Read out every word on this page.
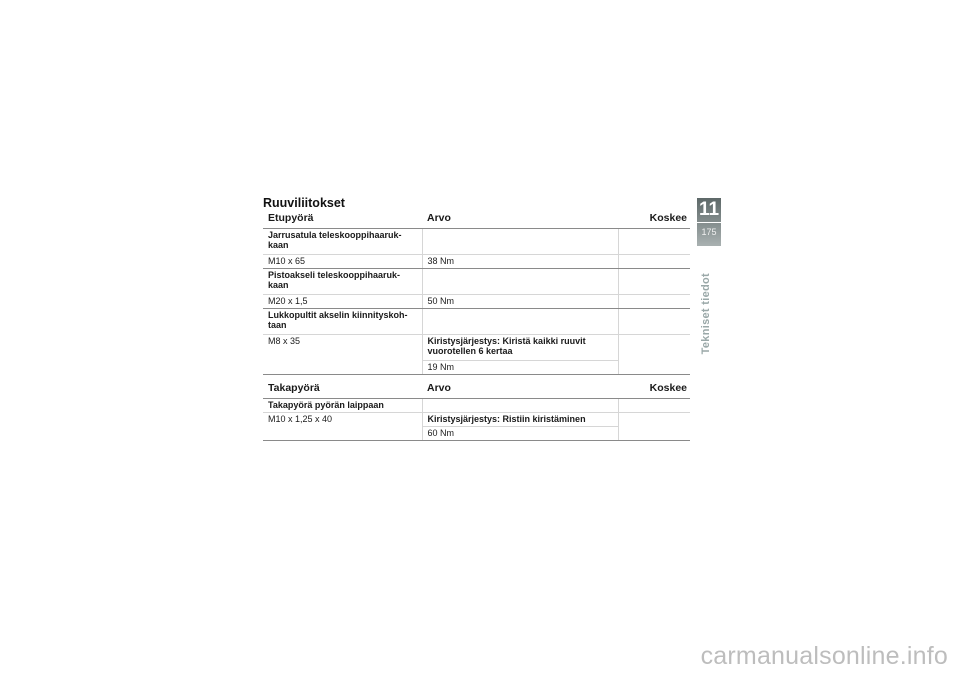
Ruuviliitokset
Etupyörä	Arvo	Koskee
Jarrusatula teleskooppihaaruk-
kaan		
M10 x 65	38 Nm	
Pistoakseli teleskooppihaaruk-
kaan		
M20 x 1,5	50 Nm	
Lukkopultit akselin kiinnityskoh-
taan		
M8 x 35	Kiristysjärjestys: Kiristä kaikki ruuvit
vuorotellen 6 kertaa	
	19 Nm	
Takapyörä	Arvo	Koskee
Takapyörä pyörän laippaan		
M10 x 1,25 x 40	Kiristysjärjestys: Ristiin kiristäminen	
	60 Nm	
11
175
Tekniset tiedot
carmanualsonline.info
